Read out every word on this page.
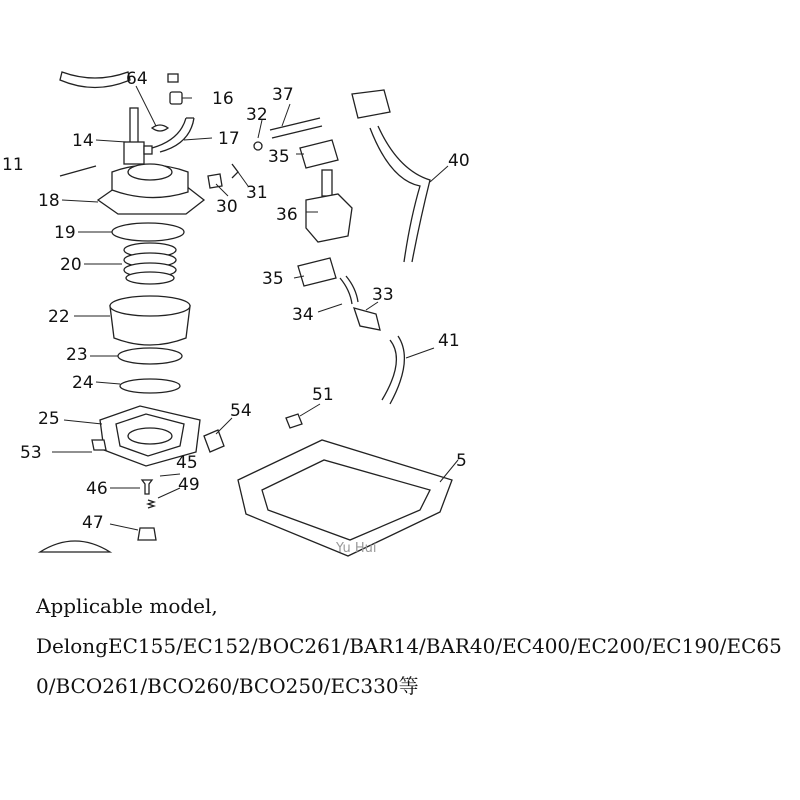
64
16
14	17
11
18
19
20
22
23
24
25
53
54
45
46	49
47
30
31
32
37
35
36
35
34
33
41
51
5
40
Yu Hui
Applicable model,
DelongEC155/EC152/BOC261/BAR14/BAR40/EC400/EC200/EC190/EC65
0/BCO261/BCO260/BCO250/EC330等
